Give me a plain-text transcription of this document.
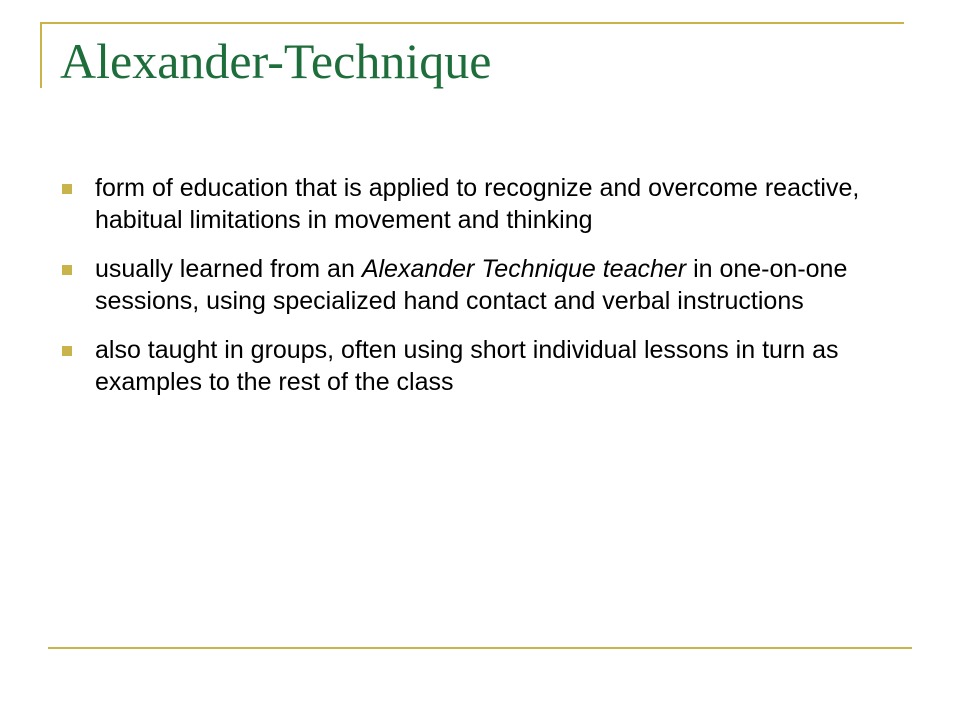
Alexander-Technique
form of education that is applied to recognize and overcome reactive, habitual limitations in movement and thinking
usually learned from an Alexander Technique teacher in one-on-one sessions, using specialized hand contact and verbal instructions
also taught in groups, often using short individual lessons in turn as examples to the rest of the class
